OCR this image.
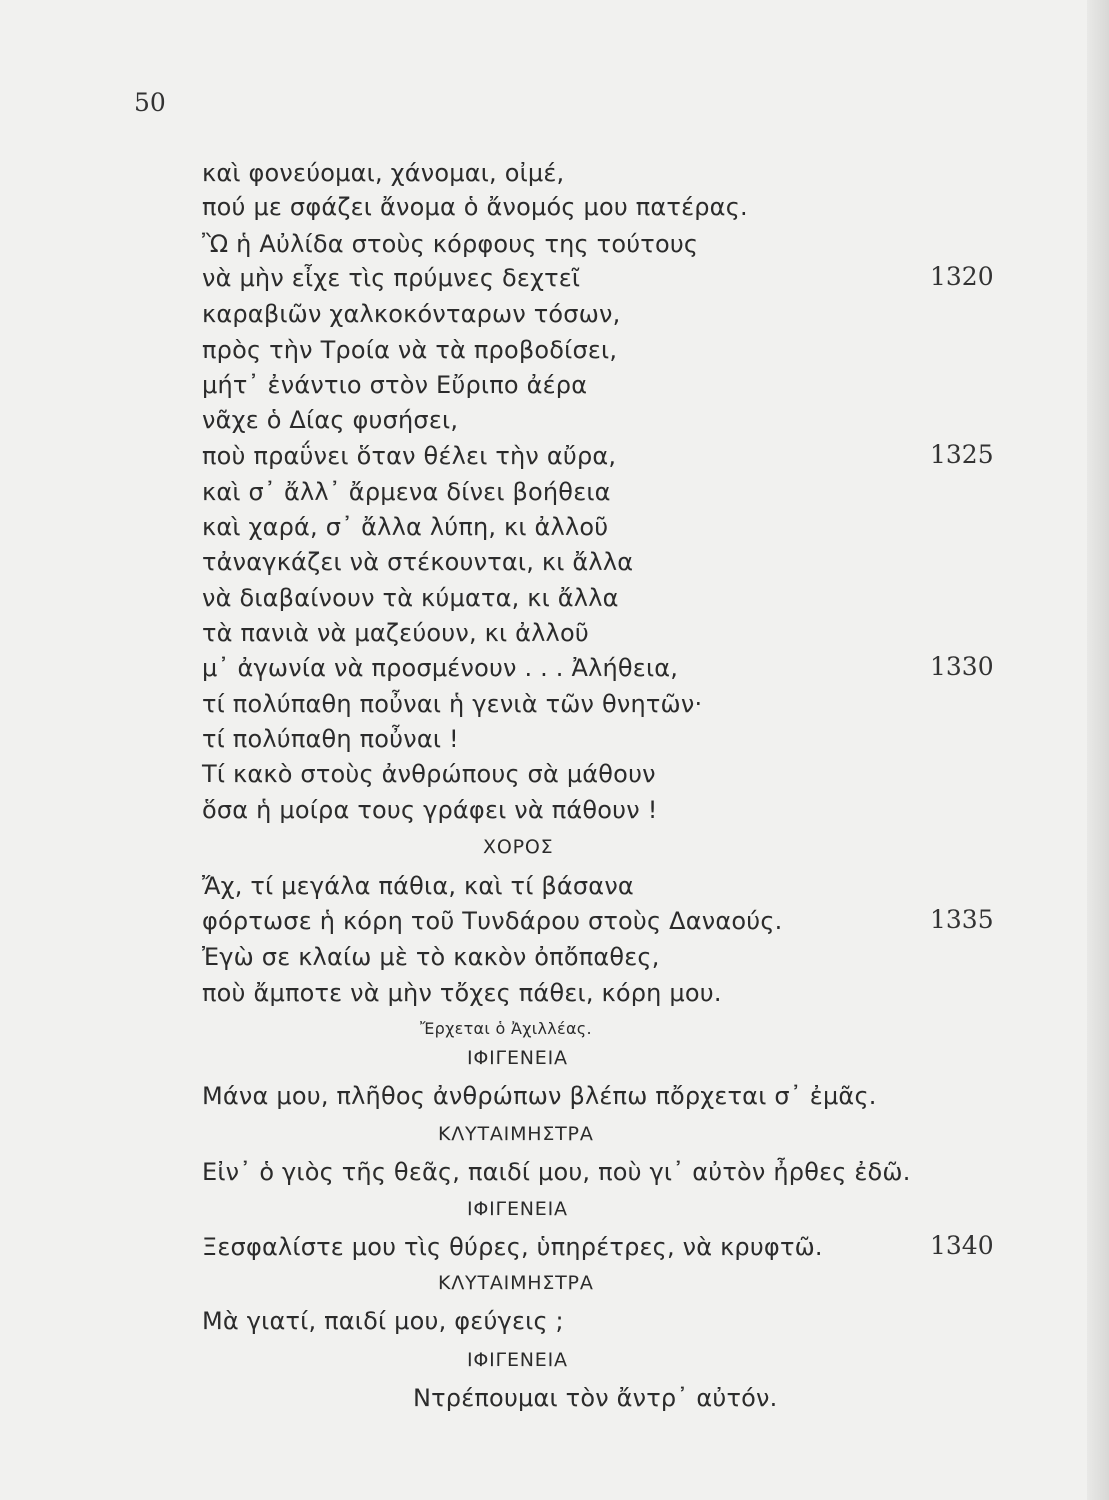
50
καὶ φονεύομαι, χάνομαι, οἰμέ,
πού με σφάζει ἄνομα ὁ ἄνομός μου πατέρας.
Ὢ ἡ Αὐλίδα στοὺς κόρφους της τούτους
νὰ μὴν εἶχε τὶς πρύμνες δεχτεῖ
καραβιῶν χαλκοκόνταρων τόσων,
πρὸς τὴν Τροία νὰ τὰ προβοδίσει,
μήτ᾿ ἐνάντιο στὸν Εὔριπο ἀέρα
νᾶχε ὁ Δίας φυσήσει,
ποὺ πραΰνει ὅταν θέλει τὴν αὔρα,
καὶ σ᾿ ἄλλ᾿ ἄρμενα δίνει βοήθεια
καὶ χαρά, σ᾿ ἄλλα λύπη, κι ἀλλοῦ
τἀναγκάζει νὰ στέκουνται, κι ἄλλα
νὰ διαβαίνουν τὰ κύματα, κι ἄλλα
τὰ πανιὰ νὰ μαζεύουν, κι ἀλλοῦ
μ᾿ ἀγωνία νὰ προσμένουν . . . Ἀλήθεια,
τί πολύπαθη ποὖναι ἡ γενιὰ τῶν θνητῶν·
τί πολύπαθη ποὖναι !
Τί κακὸ στοὺς ἀνθρώπους σὰ μάθουν
ὅσα ἡ μοίρα τους γράφει νὰ πάθουν !
ΧΟΡΟΣ
Ἄχ, τί μεγάλα πάθια, καὶ τί βάσανα
φόρτωσε ἡ κόρη τοῦ Τυνδάρου στοὺς Δαναούς.
Ἐγὼ σε κλαίω μὲ τὸ κακὸν ὀπὄπαθες,
ποὺ ἄμποτε νὰ μὴν τὄχες πάθει, κόρη μου.
Ἔρχεται ὁ Ἀχιλλέας.
ΙΦΙΓΕΝΕΙΑ
Μάνα μου, πλῆθος ἀνθρώπων βλέπω πὄρχεται σ᾿ ἐμᾶς.
ΚΛΥΤΑΙΜΗΣΤΡΑ
Εἰν᾿ ὁ γιὸς τῆς θεᾶς, παιδί μου, ποὺ γι᾿ αὐτὸν ἦρθες ἐδῶ.
ΙΦΙΓΕΝΕΙΑ
Ξεσφαλίστε μου τὶς θύρες, ὑπηρέτρες, νὰ κρυφτῶ.
ΚΛΥΤΑΙΜΗΣΤΡΑ
Μὰ γιατί, παιδί μου, φεύγεις ;
ΙΦΙΓΕΝΕΙΑ
Ντρέπουμαι τὸν ἄντρ᾿ αὐτόν.
1320
1325
1330
1335
1340
